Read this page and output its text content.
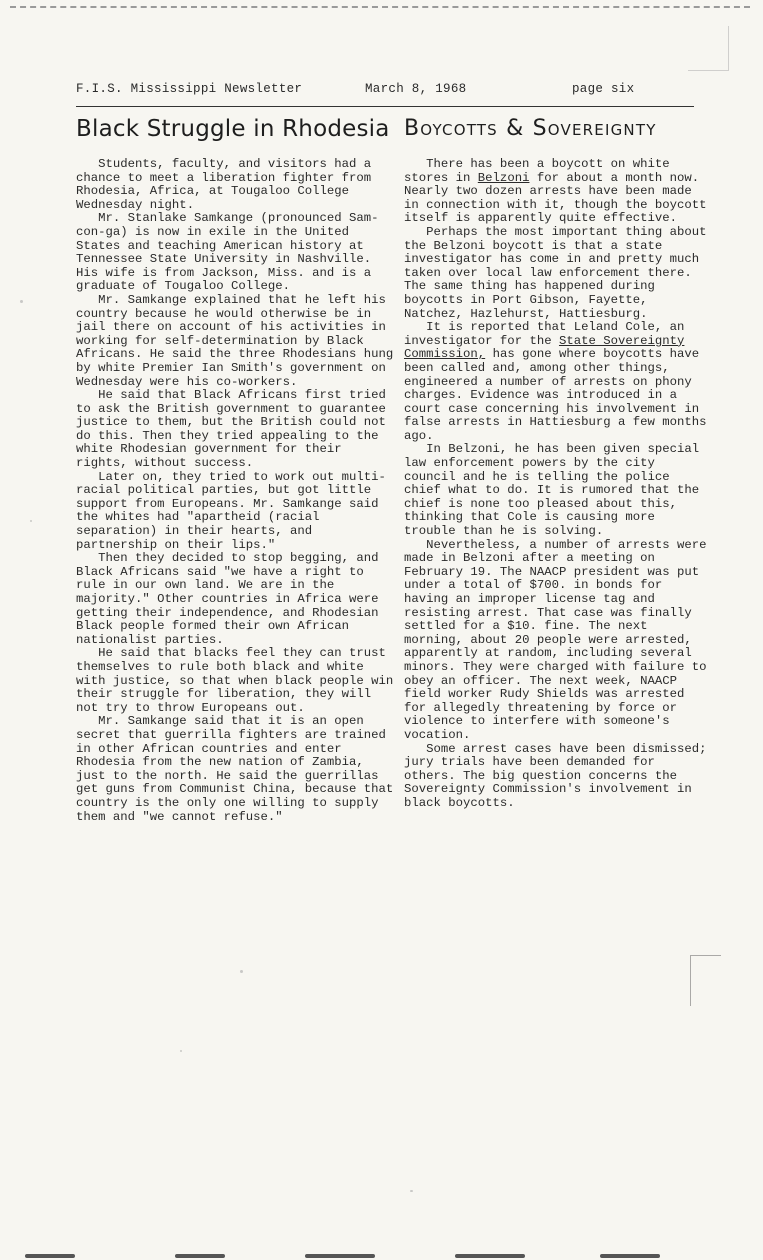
F.I.S. Mississippi Newsletter	March 8, 1968	page six
Black Struggle in Rhodesia Boycotts & Sovereignty

Students, faculty, and visitors had a chance to meet a liberation fighter from Rhodesia, Africa, at Tougaloo College Wednesday night.

Mr. Stanlake Samkange (pronounced Sam-con-ga) is now in exile in the United States and teaching American history at Tennessee State University in Nashville. His wife is from Jackson, Miss. and is a graduate of Tougaloo College.

Mr. Samkange explained that he left his country because he would otherwise be in jail there on account of his activities in working for self-determination by Black Africans. He said the three Rhodesians hung by white Premier Ian Smith's government on Wednesday were his co-workers.

He said that Black Africans first tried to ask the British government to guarantee justice to them, but the British could not do this. Then they tried appealing to the white Rhodesian government for their rights, without success.

Later on, they tried to work out multi-racial political parties, but got little support from Europeans. Mr. Samkange said the whites had "apartheid (racial separation) in their hearts, and partnership on their lips."

Then they decided to stop begging, and Black Africans said "we have a right to rule in our own land. We are in the majority." Other countries in Africa were getting their independence, and Rhodesian Black people formed their own African nationalist parties.

He said that blacks feel they can trust themselves to rule both black and white with justice, so that when black people win their struggle for liberation, they will not try to throw Europeans out.

Mr. Samkange said that it is an open secret that guerrilla fighters are trained in other African countries and enter Rhodesia from the new nation of Zambia, just to the north. He said the guerrillas get guns from Communist China, because that country is the only one willing to supply them and "we cannot refuse."

There has been a boycott on white stores in Belzoni for about a month now. Nearly two dozen arrests have been made in connection with it, though the boycott itself is apparently quite effective.

Perhaps the most important thing about the Belzoni boycott is that a state investigator has come in and pretty much taken over local law enforcement there. The same thing has happened during boycotts in Port Gibson, Fayette, Natchez, Hazlehurst, Hattiesburg.

It is reported that Leland Cole, an investigator for the State Sovereignty Commission, has gone where boycotts have been called and, among other things, engineered a number of arrests on phony charges. Evidence was introduced in a court case concerning his involvement in false arrests in Hattiesburg a few months ago.

In Belzoni, he has been given special law enforcement powers by the city council and he is telling the police chief what to do. It is rumored that the chief is none too pleased about this, thinking that Cole is causing more trouble than he is solving.

Nevertheless, a number of arrests were made in Belzoni after a meeting on February 19. The NAACP president was put under a total of $700. in bonds for having an improper license tag and resisting arrest. That case was finally settled for a $10. fine. The next morning, about 20 people were arrested, apparently at random, including several minors. They were charged with failure to obey an officer. The next week, NAACP field worker Rudy Shields was arrested for allegedly threatening by force or violence to interfere with someone's vocation.

Some arrest cases have been dismissed; jury trials have been demanded for others. The big question concerns the Sovereignty Commission's involvement in black boycotts.
